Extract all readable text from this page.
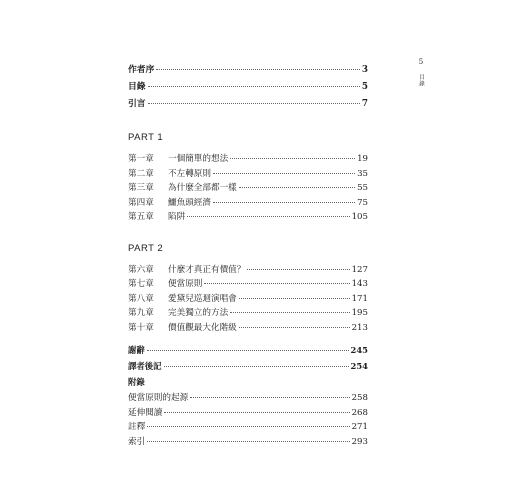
5
目錄
作者序	3
目錄	5
引言	7
PART 1
第一章	一個簡單的想法	19
第二章	不左轉原則	35
第三章	為什麼全部都一樣	55
第四章	鱷魚頭經濟	75
第五章	陷阱	105
PART 2
第六章	什麼才真正有價值？	127
第七章	便當原則	143
第八章	愛黛兒巡迴演唱會	171
第九章	完美獨立的方法	195
第十章	價值觀最大化階級	213
謝辭	245
譯者後記	254
附錄
便當原則的起源	258
延伸閱讀	268
註釋	271
索引	293
